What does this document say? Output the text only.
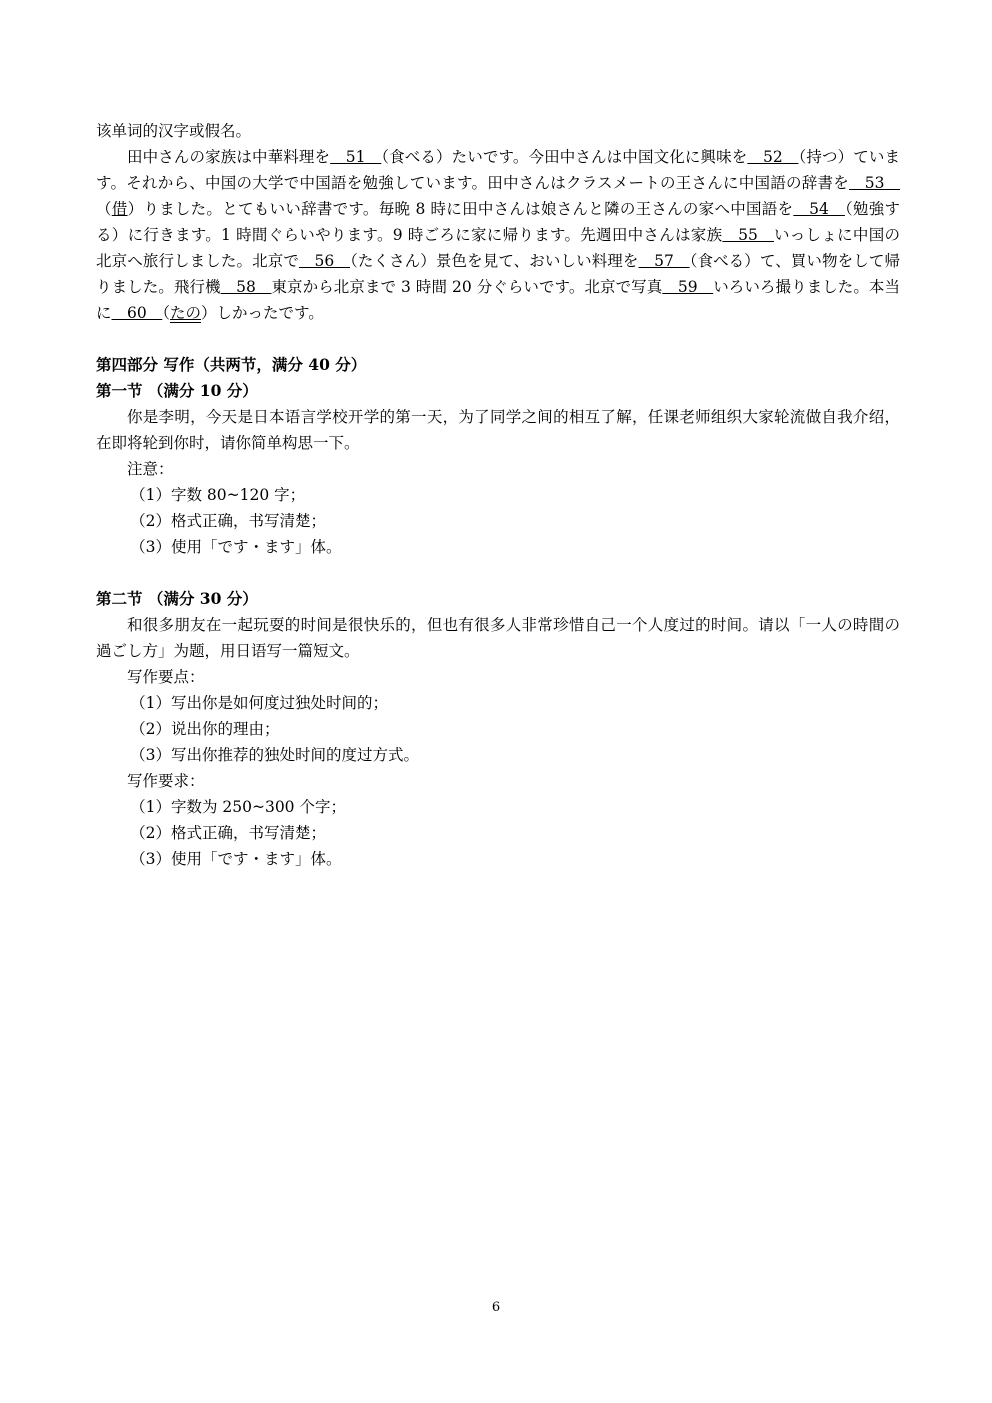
该单词的汉字或假名。

田中さんの家族は中華料理を　51　（食べる）たいです。今田中さんは中国文化に興味を　52　（持つ）ています。それから、中国の大学で中国語を勉強しています。田中さんはクラスメートの王さんに中国語の辞書を　53　（借）りました。とてもいい辞書です。毎晩 8 時に田中さんは娘さんと隣の王さんの家へ中国語を　54　（勉強する）に行きます。1 時間ぐらいやります。9 時ごろに家に帰ります。先週田中さんは家族　55　いっしょに中国の北京へ旅行しました。北京で　56　（たくさん）景色を見て、おいしい料理を　57　（食べる）て、買い物をして帰りました。飛行機　58　東京から北京まで 3 時間 20 分ぐらいです。北京で写真　59　いろいろ撮りました。本当に　60　（たの）しかったです。

第四部分 写作（共两节，满分 40 分）

第一节 （满分 10 分）

你是李明，今天是日本语言学校开学的第一天，为了同学之间的相互了解，任课老师组织大家轮流做自我介绍，在即将轮到你时，请你简单构思一下。

注意：

（1）字数 80~120 字；

（2）格式正确，书写清楚；

（3）使用「です・ます」体。

第二节 （满分 30 分）

和很多朋友在一起玩耍的时间是很快乐的，但也有很多人非常珍惜自己一个人度过的时间。请以「一人の時間の過ごし方」为题，用日语写一篇短文。

写作要点：

（1）写出你是如何度过独处时间的；

（2）说出你的理由；

（3）写出你推荐的独处时间的度过方式。

写作要求：

（1）字数为 250~300 个字；

（2）格式正确，书写清楚；

（3）使用「です・ます」体。

6
